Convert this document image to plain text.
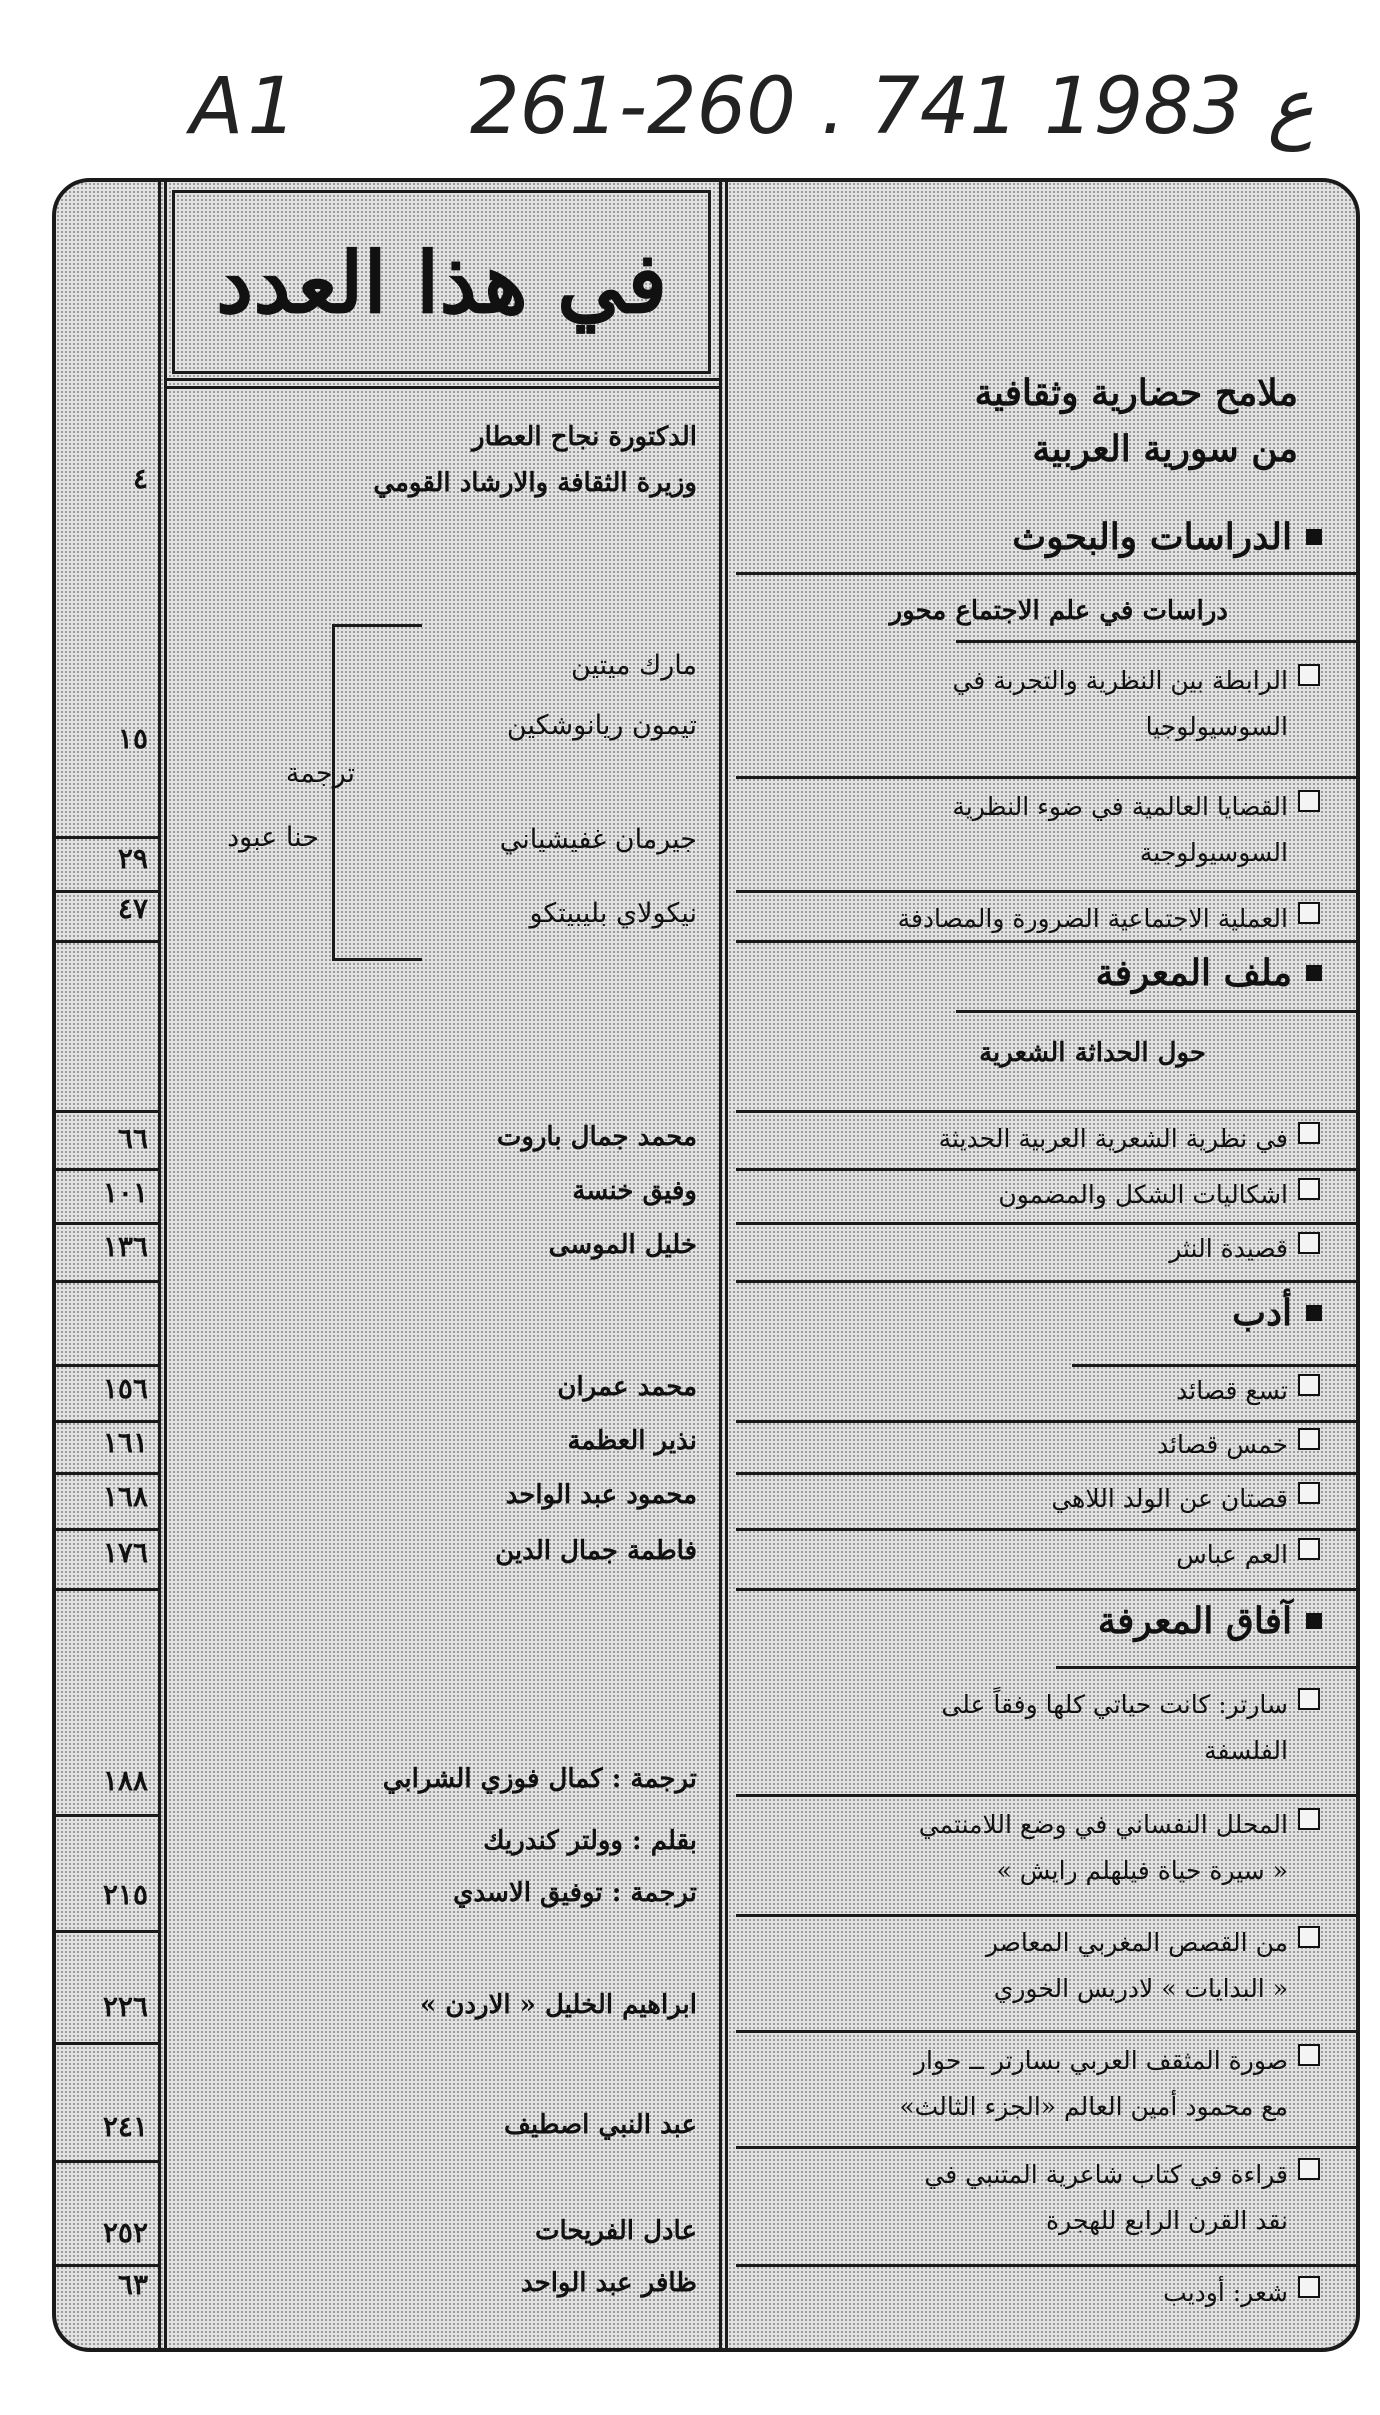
A1 261-260 . ع 1983 741
٤
١٥
٢٩
٤٧
٦٦
١٠١
١٣٦
١٥٦
١٦١
١٦٨
١٧٦
١٨٨
٢١٥
٢٢٦
٢٤١
٢٥٢
٦٣
في هذا العدد
الدكتورة نجاح العطار
وزيرة الثقافة والارشاد القومي
مارك ميتين
تيمون ريانوشكين
جيرمان غفيشياني
نيكولاي بليبيتكو
ترجمة
حنا عبود
محمد جمال باروت
وفيق خنسة
خليل الموسى
محمد عمران
نذير العظمة
محمود عبد الواحد
فاطمة جمال الدين
ترجمة : كمال فوزي الشرابي
بقلم : وولتر كندريك
ترجمة : توفيق الاسدي
ابراهيم الخليل « الاردن »
عبد النبي اصطيف
عادل الفريحات
ظافر عبد الواحد
ملامح حضارية وثقافية
من سورية العربية
الدراسات والبحوث
دراسات في علم الاجتماع محور
الرابطة بين النظرية والتجربة في
السوسيولوجيا
القضايا العالمية في ضوء النظرية
السوسيولوجية
العملية الاجتماعية الضرورة والمصادفة
ملف المعرفة
حول الحداثة الشعرية
في نظرية الشعرية العربية الحديثة
اشكاليات الشكل والمضمون
قصيدة النثر
أدب
تسع قصائد
خمس قصائد
قصتان عن الولد اللاهي
العم عباس
آفاق المعرفة
سارتر: كانت حياتي كلها وفقاً على
الفلسفة
المحلل النفساني في وضع اللامنتمي
« سيرة حياة فيلهلم رايش »
من القصص المغربي المعاصر
« البدايات » لادريس الخوري
صورة المثقف العربي بسارتر ــ حوار
مع محمود أمين العالم «الجزء الثالث»
قراءة في كتاب شاعرية المتنبي في
نقد القرن الرابع للهجرة
شعر: أوديب
